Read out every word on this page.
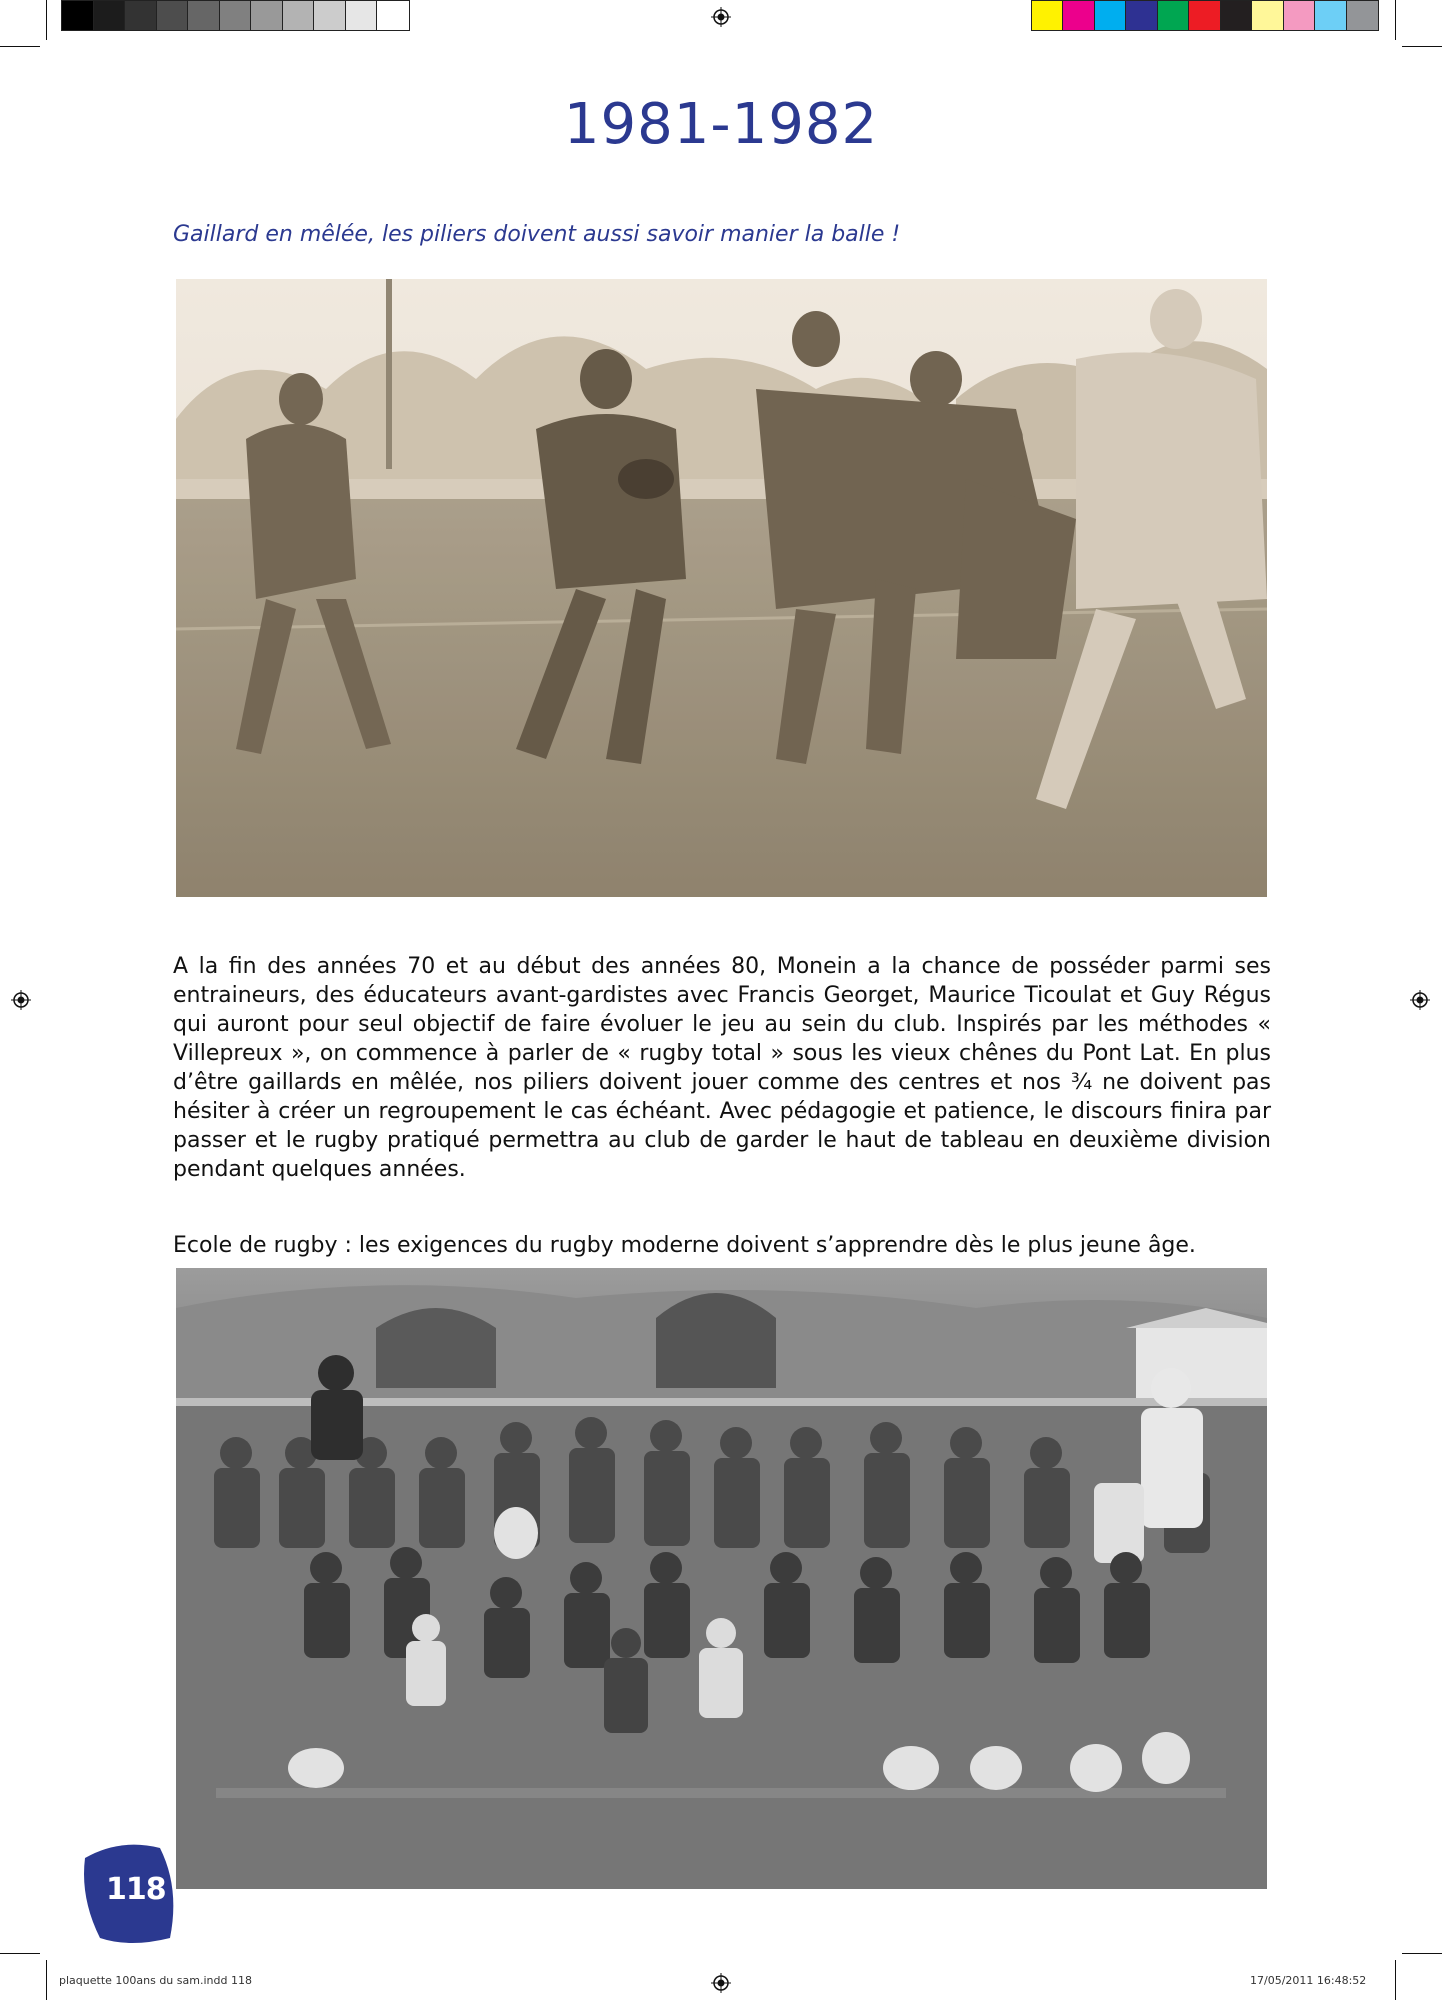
1981-1982
Gaillard en mêlée, les piliers doivent aussi savoir manier la balle !
A la fin des années 70 et au début des années 80, Monein a la chance de posséder parmi ses entraineurs, des éducateurs avant-gardistes avec Francis Georget, Maurice Ticoulat et Guy Régus qui auront pour seul objectif de faire évoluer le jeu au sein du club. Inspirés par les méthodes « Villepreux », on commence à parler de « rugby total » sous les vieux chênes du Pont Lat. En plus d’être gaillards en mêlée, nos piliers doivent jouer comme des centres et nos ¾ ne doivent pas hésiter à créer un regroupement le cas échéant. Avec pédagogie et patience, le discours finira par passer et le rugby pratiqué permettra au club de garder le haut de tableau en deuxième division pendant quelques années.
Ecole de rugby : les exigences du rugby moderne doivent s’apprendre dès le plus jeune âge.
118
plaquette 100ans du sam.indd 118	17/05/2011 16:48:52
